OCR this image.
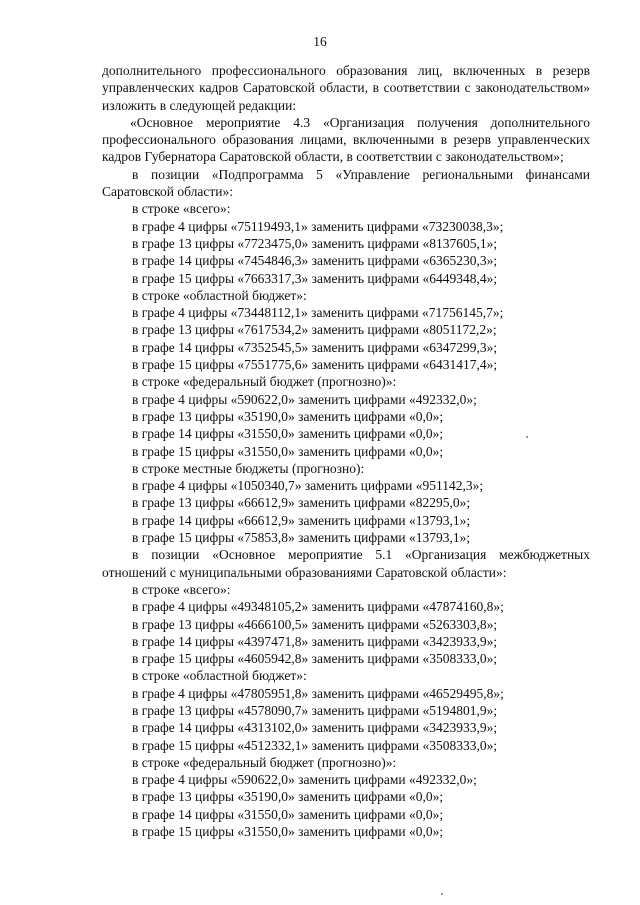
16
дополнительного профессионального образования лиц, включенных в резерв
управленческих кадров Саратовской области, в соответствии с законодательством»
изложить в следующей редакции:
«Основное мероприятие 4.3 «Организация получения дополнительного
профессионального образования лицами, включенными в резерв управленческих
кадров Губернатора Саратовской области, в соответствии с законодательством»;
в позиции «Подпрограмма 5 «Управление региональными финансами
Саратовской области»:
в строке «всего»:
в графе 4 цифры «75119493,1» заменить цифрами «73230038,3»;
в графе 13 цифры «7723475,0» заменить цифрами «8137605,1»;
в графе 14 цифры «7454846,3» заменить цифрами «6365230,3»;
в графе 15 цифры «7663317,3» заменить цифрами «6449348,4»;
в строке «областной бюджет»:
в графе 4 цифры «73448112,1» заменить цифрами «71756145,7»;
в графе 13 цифры «7617534,2» заменить цифрами «8051172,2»;
в графе 14 цифры «7352545,5» заменить цифрами «6347299,3»;
в графе 15 цифры «7551775,6» заменить цифрами «6431417,4»;
в строке «федеральный бюджет (прогнозно)»:
в графе 4 цифры «590622,0» заменить цифрами «492332,0»;
в графе 13 цифры «35190,0» заменить цифрами «0,0»;
в графе 14 цифры «31550,0» заменить цифрами «0,0»;
в графе 15 цифры «31550,0» заменить цифрами «0,0»;
в строке местные бюджеты (прогнозно):
в графе 4 цифры «1050340,7» заменить цифрами «951142,3»;
в графе 13 цифры «66612,9» заменить цифрами «82295,0»;
в графе 14 цифры «66612,9» заменить цифрами «13793,1»;
в графе 15 цифры «75853,8» заменить цифрами «13793,1»;
в позиции «Основное мероприятие 5.1 «Организация межбюджетных
отношений с муниципальными образованиями Саратовской области»:
в строке «всего»:
в графе 4 цифры «49348105,2» заменить цифрами «47874160,8»;
в графе 13 цифры «4666100,5» заменить цифрами «5263303,8»;
в графе 14 цифры «4397471,8» заменить цифрами «3423933,9»;
в графе 15 цифры «4605942,8» заменить цифрами «3508333,0»;
в строке «областной бюджет»:
в графе 4 цифры «47805951,8» заменить цифрами «46529495,8»;
в графе 13 цифры «4578090,7» заменить цифрами «5194801,9»;
в графе 14 цифры «4313102,0» заменить цифрами «3423933,9»;
в графе 15 цифры «4512332,1» заменить цифрами «3508333,0»;
в строке «федеральный бюджет (прогнозно)»:
в графе 4 цифры «590622,0» заменить цифрами «492332,0»;
в графе 13 цифры «35190,0» заменить цифрами «0,0»;
в графе 14 цифры «31550,0» заменить цифрами «0,0»;
в графе 15 цифры «31550,0» заменить цифрами «0,0»;
